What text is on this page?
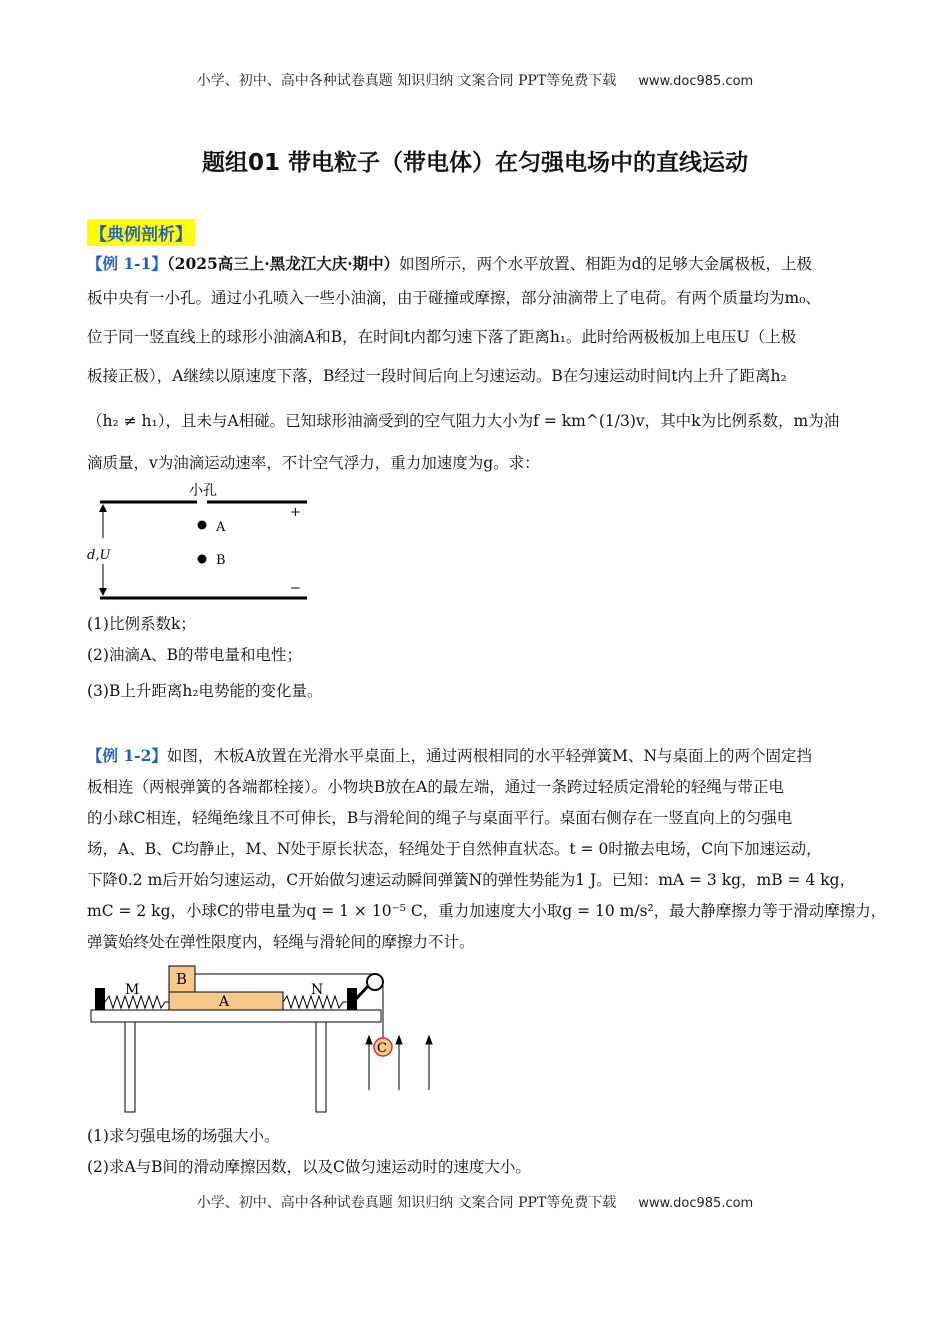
小学、初中、高中各种试卷真题 知识归纳 文案合同 PPT等免费下载 www.doc985.com
题组01 带电粒子（带电体）在匀强电场中的直线运动
【典例剖析】
【例 1-1】（2025高三上·黑龙江大庆·期中）如图所示，两个水平放置、相距为d的足够大金属极板，上极
板中央有一小孔。通过小孔喷入一些小油滴，由于碰撞或摩擦，部分油滴带上了电荷。有两个质量均为m₀、
位于同一竖直线上的球形小油滴A和B，在时间t内都匀速下落了距离h₁。此时给两极板加上电压U（上极
板接正极），A继续以原速度下落，B经过一段时间后向上匀速运动。B在匀速运动时间t内上升了距离h₂
（h₂ ≠ h₁），且未与A相碰。已知球形油滴受到的空气阻力大小为f = km^(1/3)v，其中k为比例系数，m为油
滴质量，v为油滴运动速率，不计空气浮力，重力加速度为g。求：
小孔
+
−
A
B
d,U
(1)比例系数k；
(2)油滴A、B的带电量和电性；
(3)B上升距离h₂电势能的变化量。
【例 1-2】如图，木板A放置在光滑水平桌面上，通过两根相同的水平轻弹簧M、N与桌面上的两个固定挡
板相连（两根弹簧的各端都栓接）。小物块B放在A的最左端，通过一条跨过轻质定滑轮的轻绳与带正电
的小球C相连，轻绳绝缘且不可伸长，B与滑轮间的绳子与桌面平行。桌面右侧存在一竖直向上的匀强电
场，A、B、C均静止，M、N处于原长状态，轻绳处于自然伸直状态。t = 0时撤去电场，C向下加速运动，
下降0.2 m后开始匀速运动，C开始做匀速运动瞬间弹簧N的弹性势能为1 J。已知：mA = 3 kg，mB = 4 kg，
mC = 2 kg，小球C的带电量为q = 1 × 10⁻⁵ C，重力加速度大小取g = 10 m/s²，最大静摩擦力等于滑动摩擦力，
弹簧始终处在弹性限度内，轻绳与滑轮间的摩擦力不计。
M	N
A
B
C
(1)求匀强电场的场强大小。
(2)求A与B间的滑动摩擦因数，以及C做匀速运动时的速度大小。
小学、初中、高中各种试卷真题 知识归纳 文案合同 PPT等免费下载 www.doc985.com
